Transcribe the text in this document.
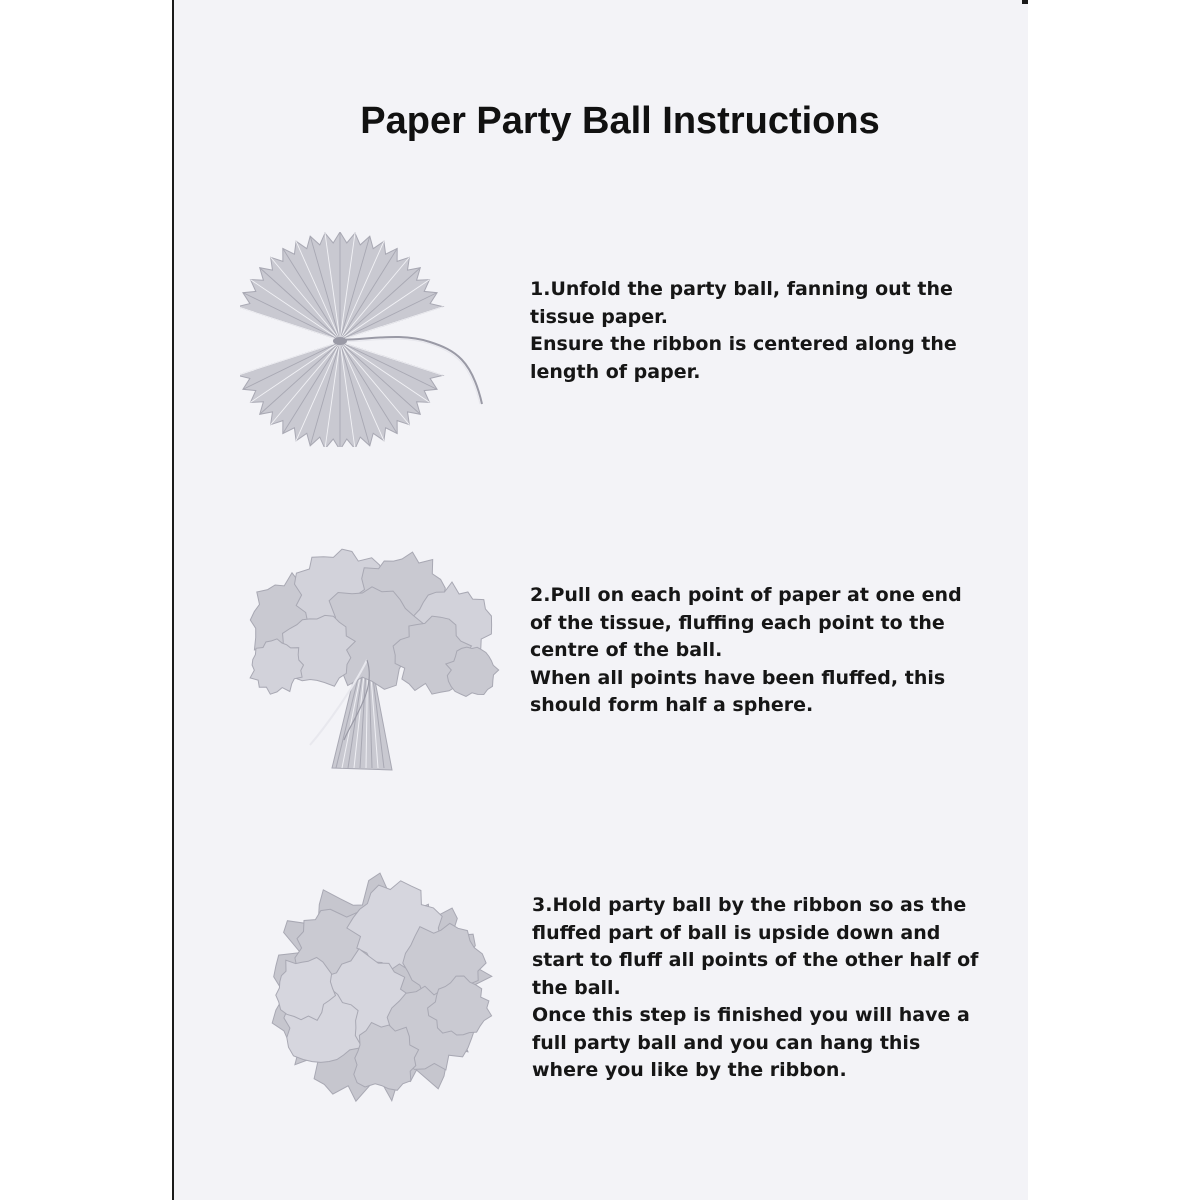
Paper Party Ball Instructions
1.Unfold the party ball, fanning out the
tissue paper.
Ensure the ribbon is centered along the
length of paper.
2.Pull on each point of paper at one end
of the tissue, fluffing each point to the
centre of the ball.
When all points have been fluffed, this
should form half a sphere.
3.Hold party ball by the ribbon so as the
fluffed part of ball is upside down and
start to fluff all points of the other half of
the ball.
Once this step is finished you will have a
full party ball and you can hang this
where you like by the ribbon.
